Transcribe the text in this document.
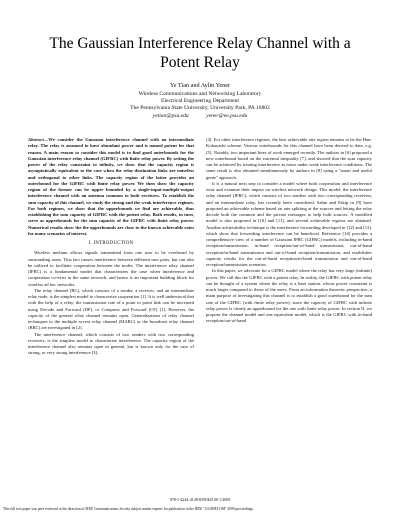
The Gaussian Interference Relay Channel with a
Potent Relay
Ye Tian and Aylin Yener
Wireless Communications and Networking Laboratory
Electrical Engineering Department
The Pennsylvania State University, University Park, PA 16802
yetian@psu.edu	yener@ee.psu.edu

Abstract—We consider the Gaussian interference channel with an intermediate relay. The relay is assumed to have abundant power and is named potent for that reason. A main reason to consider this model is to find good outerbounds for the Gaussian interference relay channel (GIFRC) with finite relay power. By setting the power of the relay constraint to infinity, we show that the capacity region is asymptotically equivalent to the case when the relay-destination links are noiseless and orthogonal to other links. The capacity region of the latter provides an outerbound for the GIFRC with finite relay power. We then show the capacity region of the former can be upper bounded by a single-input-multiple-output interference channel with an antenna common to both receivers. To establish the sum capacity of this channel, we study the strong and the weak interference regimes. For both regimes, we show that the upperbounds we find are achievable, thus establishing the sum capacity of GIFRC with the potent relay. Both results, in turn, serve as upperbounds for the sum capacity of the GIFRC with finite relay power. Numerical results show the the upperbounds are close to the known achievable rates for many scenarios of interest.

I. INTRODUCTION

Wireless medium allows signals transmitted from one user to be overheard by surrounding users. This fact causes interference between different user pairs, but can also be utilized to facilitate cooperation between the nodes. The interference relay channel (IFRC) is a fundamental model that characterizes the case when interference and cooperation co-exist in the same network, and hence is an important building block for wireless ad hoc networks.

The relay channel (RC), which consists of a sender, a receiver, and an intermediate relay node, is the simplest model to characterize cooperation [1]. It is well understood that with the help of a relay, the transmission rate of a point to point link can be increased using Decode and Forward (DF), or Compress and Forward (CF) [1]. However, the capacity of the general relay channel remains open. Generalizations of relay channel techniques to the multiple access relay channel (MARC) or the broadcast relay channel (BRC) are investigated in [2].

The interference channel, which consists of two senders with two corresponding receivers, is the simplest model to characterize interference. The capacity region of the interference channel also remains open in general, but is known only for the case of strong, or very strong interference [3],

[4]. For other interference regimes, the best achievable rate region remains to be the Han-Kobayashi scheme. Various outerbounds for this channel have been derived to date, e.g. [5]. Notably, two important lines of work emerged recently. The authors in [6] proposed a new outerbound based on the extremal inequality [7], and showed that the sum capacity can be achieved by treating interference as noise under weak interference conditions. The same result is also obtained simultaneously by authors in [8] using a "smart and useful genie" approach.

It is a natural next step to consider a model where both cooperation and interference exist and examine their impact on wireless network design. This model, the interference relay channel (IFRC), which consists of two senders with two corresponding receivers, and an intermediate relay, has recently been considered. Sahin and Erkip in [9] have proposed an achievable scheme based on rate splitting at the sources and letting the relay decode both the common and the private messages to help both sources. A modified model is also proposed in [10] and [11], and several achievable regions are obtained. Another achievability technique is the interference forwarding developed in [12] and [13], which show that forwarding interference can be beneficial. Reference [14] provides a comprehensive view of a number of Gaussian IFRC (GIFRC) models, including in-band reception/transmission, in-band reception/out-of-band transmission, out-of-band reception/in-band transmission and out-of-band reception/transmission, and establishes capacity results for the out-of-band reception/in-band transmission and out-of-band reception/transmission scenarios.

In this paper, we advocate for a GIFRC model where the relay has very large (infinite) power. We call this the GIFRC with a potent relay. In reality, the GIFRC with potent relay can be thought of a system where the relay is a base station, whose power constraint is much larger compared to those of the users. From an information theoretic perspective, a main purpose of investigating this channel is to establish a good outerbound for the sum rate of the GIFRC (with finite relay power), since the capacity of GIFRC with infinite relay power is clearly an upperbound for the one with finite relay power. In section II, we propose the channel model and one equivalent model, which is the GIFRC with in-band reception/out-of-band

978-1-4244-4148-8/09/$25.00 ©2009
This full text paper was peer reviewed at the direction of IEEE Communications Society subject matter experts for publication in the IEEE "GLOBECOM" 2009 proceedings.
